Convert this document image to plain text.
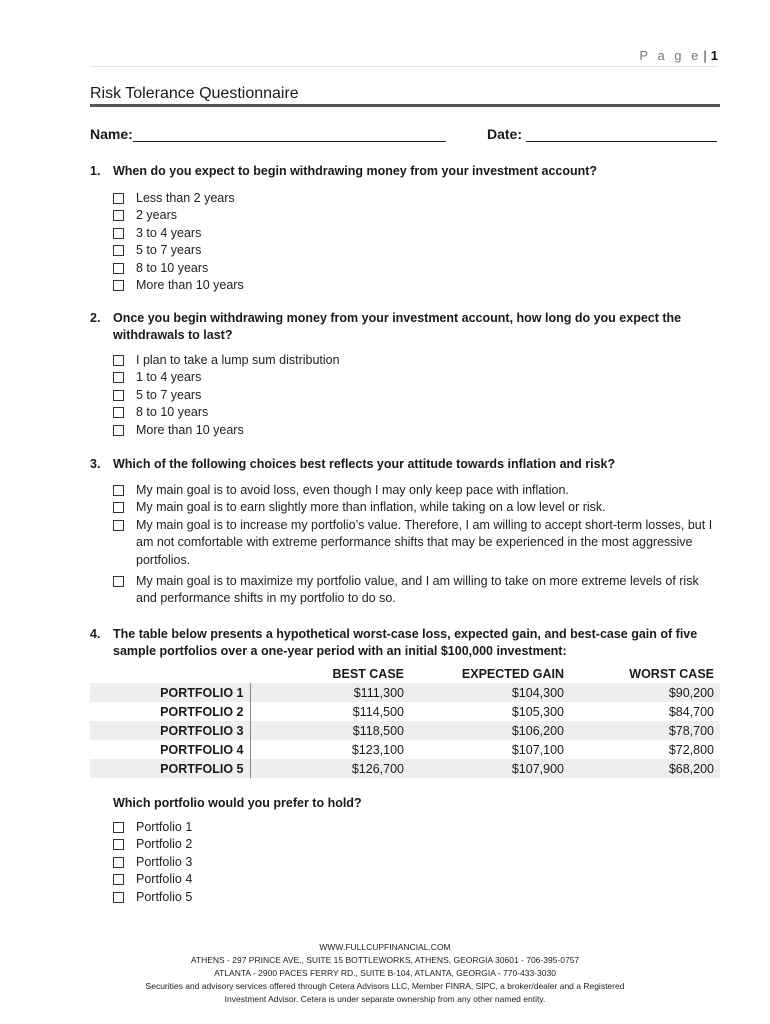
P a g e | 1
Risk Tolerance Questionnaire
Name:	Date:
1.	When do you expect to begin withdrawing money from your investment account?
Less than 2 years
2 years
3 to 4 years
5 to 7 years
8 to 10 years
More than 10 years
2.	Once you begin withdrawing money from your investment account, how long do you expect the withdrawals to last?
I plan to take a lump sum distribution
1 to 4 years
5 to 7 years
8 to 10 years
More than 10 years
3.	Which of the following choices best reflects your attitude towards inflation and risk?
My main goal is to avoid loss, even though I may only keep pace with inflation.
My main goal is to earn slightly more than inflation, while taking on a low level or risk.
My main goal is to increase my portfolio’s value. Therefore, I am willing to accept short-term losses, but I am not comfortable with extreme performance shifts that may be experienced in the most aggressive portfolios.
My main goal is to maximize my portfolio value, and I am willing to take on more extreme levels of risk and performance shifts in my portfolio to do so.
4.	The table below presents a hypothetical worst-case loss, expected gain, and best-case gain of five sample portfolios over a one-year period with an initial $100,000 investment:
	BEST CASE	EXPECTED GAIN	WORST CASE
PORTFOLIO 1	$111,300	$104,300	$90,200
PORTFOLIO 2	$114,500	$105,300	$84,700
PORTFOLIO 3	$118,500	$106,200	$78,700
PORTFOLIO 4	$123,100	$107,100	$72,800
PORTFOLIO 5	$126,700	$107,900	$68,200
Which portfolio would you prefer to hold?
Portfolio 1
Portfolio 2
Portfolio 3
Portfolio 4
Portfolio 5
WWW.FULLCUPFINANCIAL.COM
ATHENS - 297 PRINCE AVE., SUITE 15 BOTTLEWORKS, ATHENS, GEORGIA 30601 - 706-395-0757
ATLANTA - 2900 PACES FERRY RD., SUITE B-104, ATLANTA, GEORGIA - 770-433-3030
Securities and advisory services offered through Cetera Advisors LLC, Member FINRA, SIPC, a broker/dealer and a Registered
Investment Advisor. Cetera is under separate ownership from any other named entity.
